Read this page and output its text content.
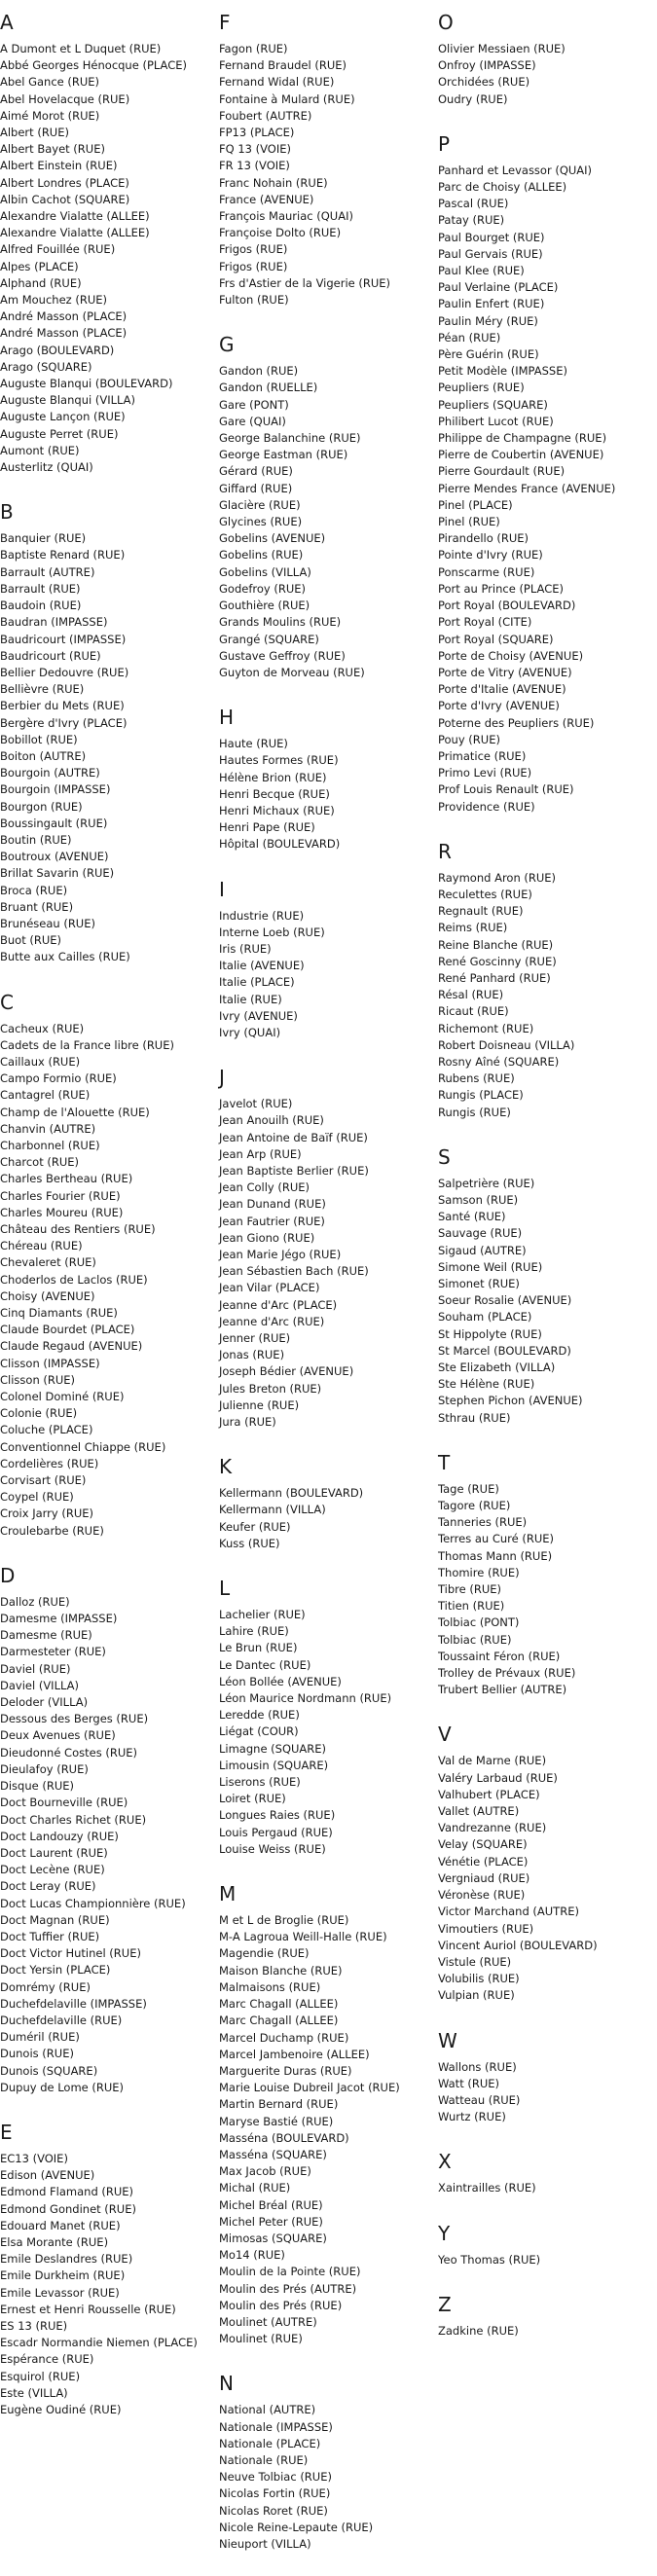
A
A Dumont et L Duquet (RUE)
Abbé Georges Hénocque (PLACE)
Abel Gance (RUE)
Abel Hovelacque (RUE)
Aimé Morot (RUE)
Albert (RUE)
Albert Bayet (RUE)
Albert Einstein (RUE)
Albert Londres (PLACE)
Albin Cachot (SQUARE)
Alexandre Vialatte (ALLEE)
Alexandre Vialatte (ALLEE)
Alfred Fouillée (RUE)
Alpes (PLACE)
Alphand (RUE)
Am Mouchez (RUE)
André Masson (PLACE)
André Masson (PLACE)
Arago (BOULEVARD)
Arago (SQUARE)
Auguste Blanqui (BOULEVARD)
Auguste Blanqui (VILLA)
Auguste Lançon (RUE)
Auguste Perret (RUE)
Aumont (RUE)
Austerlitz (QUAI)
B
Banquier (RUE)
Baptiste Renard (RUE)
Barrault (AUTRE)
Barrault (RUE)
Baudoin (RUE)
Baudran (IMPASSE)
Baudricourt (IMPASSE)
Baudricourt (RUE)
Bellier Dedouvre (RUE)
Bellièvre (RUE)
Berbier du Mets (RUE)
Bergère d'Ivry (PLACE)
Bobillot (RUE)
Boiton (AUTRE)
Bourgoin (AUTRE)
Bourgoin (IMPASSE)
Bourgon (RUE)
Boussingault (RUE)
Boutin (RUE)
Boutroux (AVENUE)
Brillat Savarin (RUE)
Broca (RUE)
Bruant (RUE)
Brunéseau (RUE)
Buot (RUE)
Butte aux Cailles (RUE)
C
Cacheux (RUE)
Cadets de la France libre (RUE)
Caillaux (RUE)
Campo Formio (RUE)
Cantagrel (RUE)
Champ de l'Alouette (RUE)
Chanvin (AUTRE)
Charbonnel (RUE)
Charcot (RUE)
Charles Bertheau (RUE)
Charles Fourier (RUE)
Charles Moureu (RUE)
Château des Rentiers (RUE)
Chéreau (RUE)
Chevaleret (RUE)
Choderlos de Laclos (RUE)
Choisy (AVENUE)
Cinq Diamants (RUE)
Claude Bourdet (PLACE)
Claude Regaud (AVENUE)
Clisson (IMPASSE)
Clisson (RUE)
Colonel Dominé (RUE)
Colonie (RUE)
Coluche (PLACE)
Conventionnel Chiappe (RUE)
Cordelières (RUE)
Corvisart (RUE)
Coypel (RUE)
Croix Jarry (RUE)
Croulebarbe (RUE)
D
Dalloz (RUE)
Damesme (IMPASSE)
Damesme (RUE)
Darmesteter (RUE)
Daviel (RUE)
Daviel (VILLA)
Deloder (VILLA)
Dessous des Berges (RUE)
Deux Avenues (RUE)
Dieudonné Costes (RUE)
Dieulafoy (RUE)
Disque (RUE)
Doct Bourneville (RUE)
Doct Charles Richet (RUE)
Doct Landouzy (RUE)
Doct Laurent (RUE)
Doct Lecène (RUE)
Doct Leray (RUE)
Doct Lucas Championnière (RUE)
Doct Magnan (RUE)
Doct Tuffier (RUE)
Doct Victor Hutinel (RUE)
Doct Yersin (PLACE)
Domrémy (RUE)
Duchefdelaville (IMPASSE)
Duchefdelaville (RUE)
Duméril (RUE)
Dunois (RUE)
Dunois (SQUARE)
Dupuy de Lome (RUE)
E
EC13 (VOIE)
Edison (AVENUE)
Edmond Flamand (RUE)
Edmond Gondinet (RUE)
Edouard Manet (RUE)
Elsa Morante (RUE)
Emile Deslandres (RUE)
Emile Durkheim (RUE)
Emile Levassor (RUE)
Ernest et Henri Rousselle (RUE)
ES 13 (RUE)
Escadr Normandie Niemen (PLACE)
Espérance (RUE)
Esquirol (RUE)
Este (VILLA)
Eugène Oudiné (RUE)
F
Fagon (RUE)
Fernand Braudel (RUE)
Fernand Widal (RUE)
Fontaine à Mulard (RUE)
Foubert (AUTRE)
FP13 (PLACE)
FQ 13 (VOIE)
FR 13 (VOIE)
Franc Nohain (RUE)
France (AVENUE)
François Mauriac (QUAI)
Françoise Dolto (RUE)
Frigos (RUE)
Frigos (RUE)
Frs d'Astier de la Vigerie (RUE)
Fulton (RUE)
G
Gandon (RUE)
Gandon (RUELLE)
Gare (PONT)
Gare (QUAI)
George Balanchine (RUE)
George Eastman (RUE)
Gérard (RUE)
Giffard (RUE)
Glacière (RUE)
Glycines (RUE)
Gobelins (AVENUE)
Gobelins (RUE)
Gobelins (VILLA)
Godefroy (RUE)
Gouthière (RUE)
Grands Moulins (RUE)
Grangé (SQUARE)
Gustave Geffroy (RUE)
Guyton de Morveau (RUE)
H
Haute (RUE)
Hautes Formes (RUE)
Hélène Brion (RUE)
Henri Becque (RUE)
Henri Michaux (RUE)
Henri Pape (RUE)
Hôpital (BOULEVARD)
I
Industrie (RUE)
Interne Loeb (RUE)
Iris (RUE)
Italie (AVENUE)
Italie (PLACE)
Italie (RUE)
Ivry (AVENUE)
Ivry (QUAI)
J
Javelot (RUE)
Jean Anouilh (RUE)
Jean Antoine de Baïf (RUE)
Jean Arp (RUE)
Jean Baptiste Berlier (RUE)
Jean Colly (RUE)
Jean Dunand (RUE)
Jean Fautrier (RUE)
Jean Giono (RUE)
Jean Marie Jégo (RUE)
Jean Sébastien Bach (RUE)
Jean Vilar (PLACE)
Jeanne d'Arc (PLACE)
Jeanne d'Arc (RUE)
Jenner (RUE)
Jonas (RUE)
Joseph Bédier (AVENUE)
Jules Breton (RUE)
Julienne (RUE)
Jura (RUE)
K
Kellermann (BOULEVARD)
Kellermann (VILLA)
Keufer (RUE)
Kuss (RUE)
L
Lachelier (RUE)
Lahire (RUE)
Le Brun (RUE)
Le Dantec (RUE)
Léon Bollée (AVENUE)
Léon Maurice Nordmann (RUE)
Leredde (RUE)
Liégat (COUR)
Limagne (SQUARE)
Limousin (SQUARE)
Liserons (RUE)
Loiret (RUE)
Longues Raies (RUE)
Louis Pergaud (RUE)
Louise Weiss (RUE)
M
M et L de Broglie (RUE)
M-A Lagroua Weill-Halle (RUE)
Magendie (RUE)
Maison Blanche (RUE)
Malmaisons (RUE)
Marc Chagall (ALLEE)
Marc Chagall (ALLEE)
Marcel Duchamp (RUE)
Marcel Jambenoire (ALLEE)
Marguerite Duras (RUE)
Marie Louise Dubreil Jacot (RUE)
Martin Bernard (RUE)
Maryse Bastié (RUE)
Masséna (BOULEVARD)
Masséna (SQUARE)
Max Jacob (RUE)
Michal (RUE)
Michel Bréal (RUE)
Michel Peter (RUE)
Mimosas (SQUARE)
Mo14 (RUE)
Moulin de la Pointe (RUE)
Moulin des Prés (AUTRE)
Moulin des Prés (RUE)
Moulinet (AUTRE)
Moulinet (RUE)
N
National (AUTRE)
Nationale (IMPASSE)
Nationale (PLACE)
Nationale (RUE)
Neuve Tolbiac (RUE)
Nicolas Fortin (RUE)
Nicolas Roret (RUE)
Nicole Reine-Lepaute (RUE)
Nieuport (VILLA)
O
Olivier Messiaen (RUE)
Onfroy (IMPASSE)
Orchidées (RUE)
Oudry (RUE)
P
Panhard et Levassor (QUAI)
Parc de Choisy (ALLEE)
Pascal (RUE)
Patay (RUE)
Paul Bourget (RUE)
Paul Gervais (RUE)
Paul Klee (RUE)
Paul Verlaine (PLACE)
Paulin Enfert (RUE)
Paulin Méry (RUE)
Péan (RUE)
Père Guérin (RUE)
Petit Modèle (IMPASSE)
Peupliers (RUE)
Peupliers (SQUARE)
Philibert Lucot (RUE)
Philippe de Champagne (RUE)
Pierre de Coubertin (AVENUE)
Pierre Gourdault (RUE)
Pierre Mendes France (AVENUE)
Pinel (PLACE)
Pinel (RUE)
Pirandello (RUE)
Pointe d'Ivry (RUE)
Ponscarme (RUE)
Port au Prince (PLACE)
Port Royal (BOULEVARD)
Port Royal (CITE)
Port Royal (SQUARE)
Porte de Choisy (AVENUE)
Porte de Vitry (AVENUE)
Porte d'Italie (AVENUE)
Porte d'Ivry (AVENUE)
Poterne des Peupliers (RUE)
Pouy (RUE)
Primatice (RUE)
Primo Levi (RUE)
Prof Louis Renault (RUE)
Providence (RUE)
R
Raymond Aron (RUE)
Reculettes (RUE)
Regnault (RUE)
Reims (RUE)
Reine Blanche (RUE)
René Goscinny (RUE)
René Panhard (RUE)
Résal (RUE)
Ricaut (RUE)
Richemont (RUE)
Robert Doisneau (VILLA)
Rosny Aîné (SQUARE)
Rubens (RUE)
Rungis (PLACE)
Rungis (RUE)
S
Salpetrière (RUE)
Samson (RUE)
Santé (RUE)
Sauvage (RUE)
Sigaud (AUTRE)
Simone Weil (RUE)
Simonet (RUE)
Soeur Rosalie (AVENUE)
Souham (PLACE)
St Hippolyte (RUE)
St Marcel (BOULEVARD)
Ste Elizabeth (VILLA)
Ste Hélène (RUE)
Stephen Pichon (AVENUE)
Sthrau (RUE)
T
Tage (RUE)
Tagore (RUE)
Tanneries (RUE)
Terres au Curé (RUE)
Thomas Mann (RUE)
Thomire (RUE)
Tibre (RUE)
Titien (RUE)
Tolbiac (PONT)
Tolbiac (RUE)
Toussaint Féron (RUE)
Trolley de Prévaux (RUE)
Trubert Bellier (AUTRE)
V
Val de Marne (RUE)
Valéry Larbaud (RUE)
Valhubert (PLACE)
Vallet (AUTRE)
Vandrezanne (RUE)
Velay (SQUARE)
Vénétie (PLACE)
Vergniaud (RUE)
Véronèse (RUE)
Victor Marchand (AUTRE)
Vimoutiers (RUE)
Vincent Auriol (BOULEVARD)
Vistule (RUE)
Volubilis (RUE)
Vulpian (RUE)
W
Wallons (RUE)
Watt (RUE)
Watteau (RUE)
Wurtz (RUE)
X
Xaintrailles (RUE)
Y
Yeo Thomas (RUE)
Z
Zadkine (RUE)
